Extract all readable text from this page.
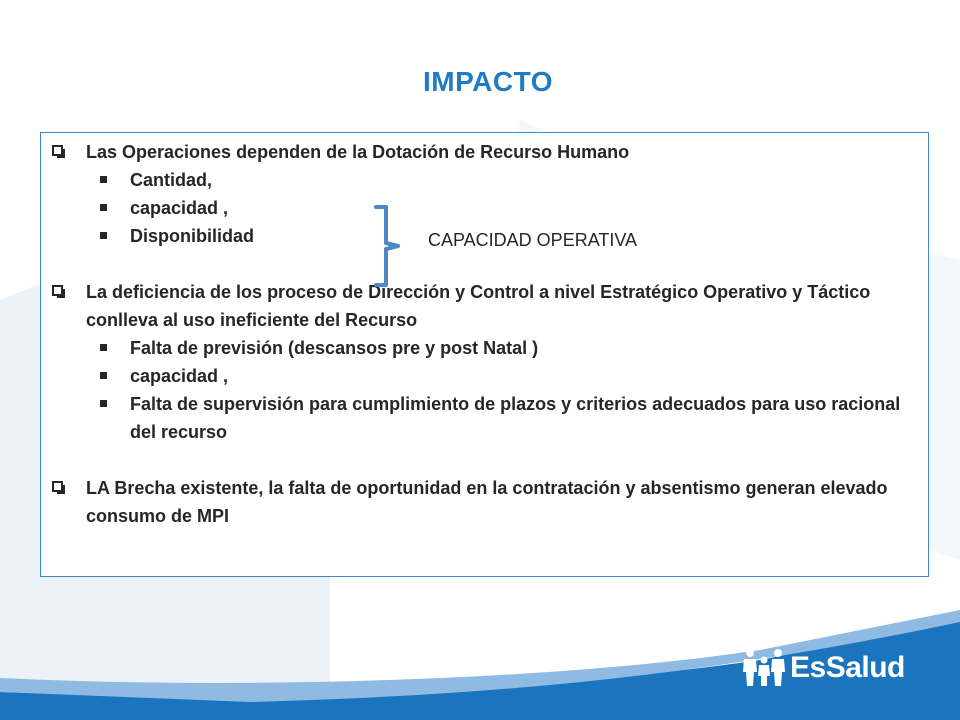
IMPACTO
Las Operaciones dependen de la Dotación de Recurso Humano
Cantidad,
capacidad ,
Disponibilidad
La deficiencia de los proceso de Dirección y Control a nivel Estratégico Operativo y Táctico conlleva al uso ineficiente del Recurso
Falta de previsión (descansos pre y post Natal )
capacidad ,
Falta de supervisión para cumplimiento de plazos y criterios adecuados para uso racional del recurso
LA Brecha existente, la falta de oportunidad en la contratación y absentismo generan elevado consumo de MPI
CAPACIDAD OPERATIVA
EsSalud
